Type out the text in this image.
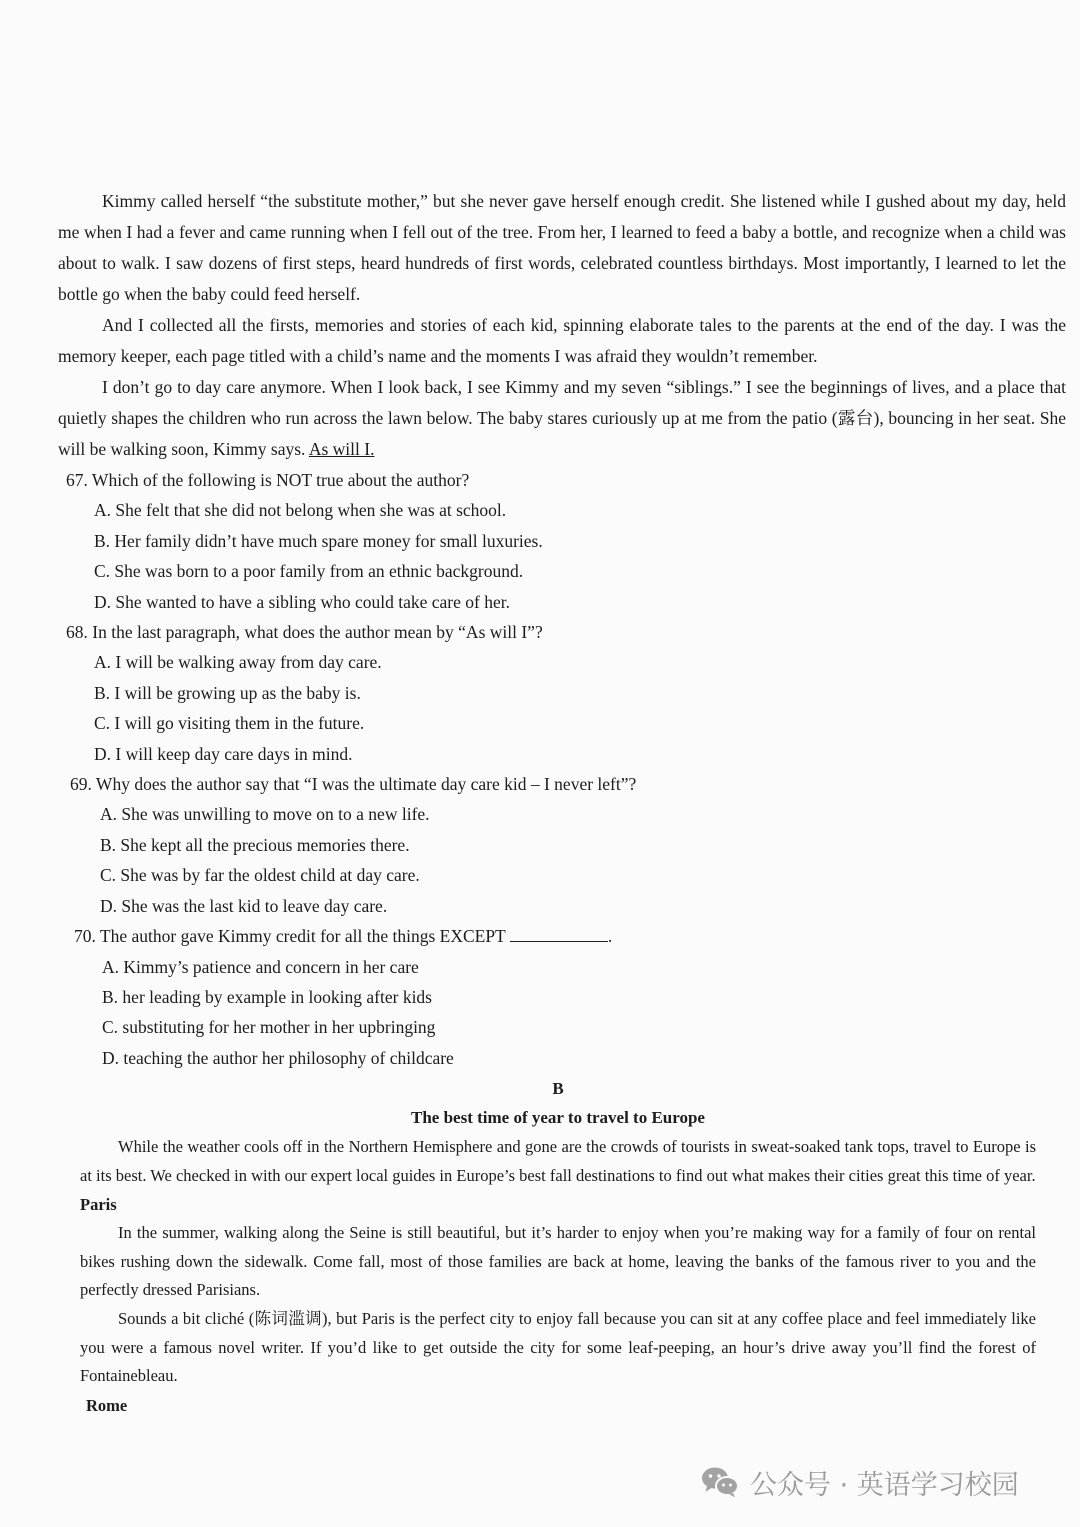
Kimmy called herself “the substitute mother,” but she never gave herself enough credit. She listened while I gushed about my day, held me when I had a fever and came running when I fell out of the tree. From her, I learned to feed a baby a bottle, and recognize when a child was about to walk. I saw dozens of first steps, heard hundreds of first words, celebrated countless birthdays. Most importantly, I learned to let the bottle go when the baby could feed herself.

And I collected all the firsts, memories and stories of each kid, spinning elaborate tales to the parents at the end of the day. I was the memory keeper, each page titled with a child’s name and the moments I was afraid they wouldn’t remember.

I don’t go to day care anymore. When I look back, I see Kimmy and my seven “siblings.” I see the beginnings of lives, and a place that quietly shapes the children who run across the lawn below. The baby stares curiously up at me from the patio (露台), bouncing in her seat. She will be walking soon, Kimmy says. As will I.

67. Which of the following is NOT true about the author?

A. She felt that she did not belong when she was at school.

B. Her family didn’t have much spare money for small luxuries.

C. She was born to a poor family from an ethnic background.

D. She wanted to have a sibling who could take care of her.

68. In the last paragraph, what does the author mean by “As will I”?

A. I will be walking away from day care.

B. I will be growing up as the baby is.

C. I will go visiting them in the future.

D. I will keep day care days in mind.

69. Why does the author say that “I was the ultimate day care kid – I never left”?

A. She was unwilling to move on to a new life.

B. She kept all the precious memories there.

C. She was by far the oldest child at day care.

D. She was the last kid to leave day care.

70. The author gave Kimmy credit for all the things EXCEPT	.

A. Kimmy’s patience and concern in her care

B. her leading by example in looking after kids

C. substituting for her mother in her upbringing

D. teaching the author her philosophy of childcare

B

The best time of year to travel to Europe

While the weather cools off in the Northern Hemisphere and gone are the crowds of tourists in sweat-soaked tank tops, travel to Europe is at its best. We checked in with our expert local guides in Europe’s best fall destinations to find out what makes their cities great this time of year.

Paris

In the summer, walking along the Seine is still beautiful, but it’s harder to enjoy when you’re making way for a family of four on rental bikes rushing down the sidewalk. Come fall, most of those families are back at home, leaving the banks of the famous river to you and the perfectly dressed Parisians.

Sounds a bit cliché (陈词滥调), but Paris is the perfect city to enjoy fall because you can sit at any coffee place and feel immediately like you were a famous novel writer. If you’d like to get outside the city for some leaf-peeping, an hour’s drive away you’ll find the forest of Fontainebleau.

Rome

公众号 · 英语学习校园
